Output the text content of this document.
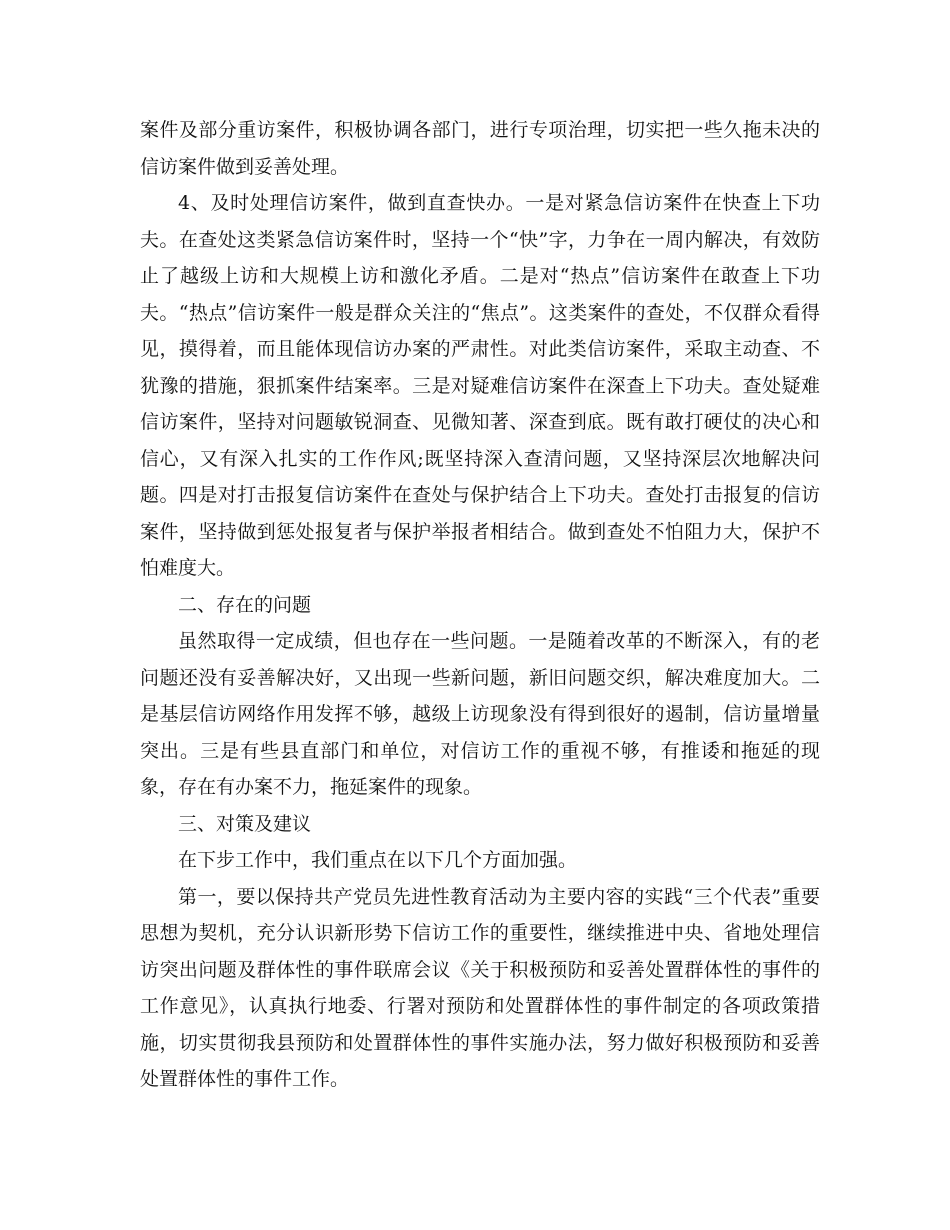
案件及部分重访案件，积极协调各部门，进行专项治理，切实把一些久拖未决的信访案件做到妥善处理。

4、及时处理信访案件，做到直查快办。一是对紧急信访案件在快查上下功夫。在查处这类紧急信访案件时，坚持一个“快”字，力争在一周内解决，有效防止了越级上访和大规模上访和激化矛盾。二是对“热点”信访案件在敢查上下功夫。“热点”信访案件一般是群众关注的“焦点”。这类案件的查处，不仅群众看得见，摸得着，而且能体现信访办案的严肃性。对此类信访案件，采取主动查、不犹豫的措施，狠抓案件结案率。三是对疑难信访案件在深查上下功夫。查处疑难信访案件，坚持对问题敏锐洞查、见微知著、深查到底。既有敢打硬仗的决心和信心，又有深入扎实的工作作风;既坚持深入查清问题，又坚持深层次地解决问题。四是对打击报复信访案件在查处与保护结合上下功夫。查处打击报复的信访案件，坚持做到惩处报复者与保护举报者相结合。做到查处不怕阻力大，保护不怕难度大。

二、存在的问题

虽然取得一定成绩，但也存在一些问题。一是随着改革的不断深入，有的老问题还没有妥善解决好，又出现一些新问题，新旧问题交织，解决难度加大。二是基层信访网络作用发挥不够，越级上访现象没有得到很好的遏制，信访量增量突出。三是有些县直部门和单位，对信访工作的重视不够，有推诿和拖延的现象，存在有办案不力，拖延案件的现象。

三、对策及建议

在下步工作中，我们重点在以下几个方面加强。

第一，要以保持共产党员先进性教育活动为主要内容的实践“三个代表”重要思想为契机，充分认识新形势下信访工作的重要性，继续推进中央、省地处理信访突出问题及群体性的事件联席会议《关于积极预防和妥善处置群体性的事件的工作意见》，认真执行地委、行署对预防和处置群体性的事件制定的各项政策措施，切实贯彻我县预防和处置群体性的事件实施办法，努力做好积极预防和妥善处置群体性的事件工作。
